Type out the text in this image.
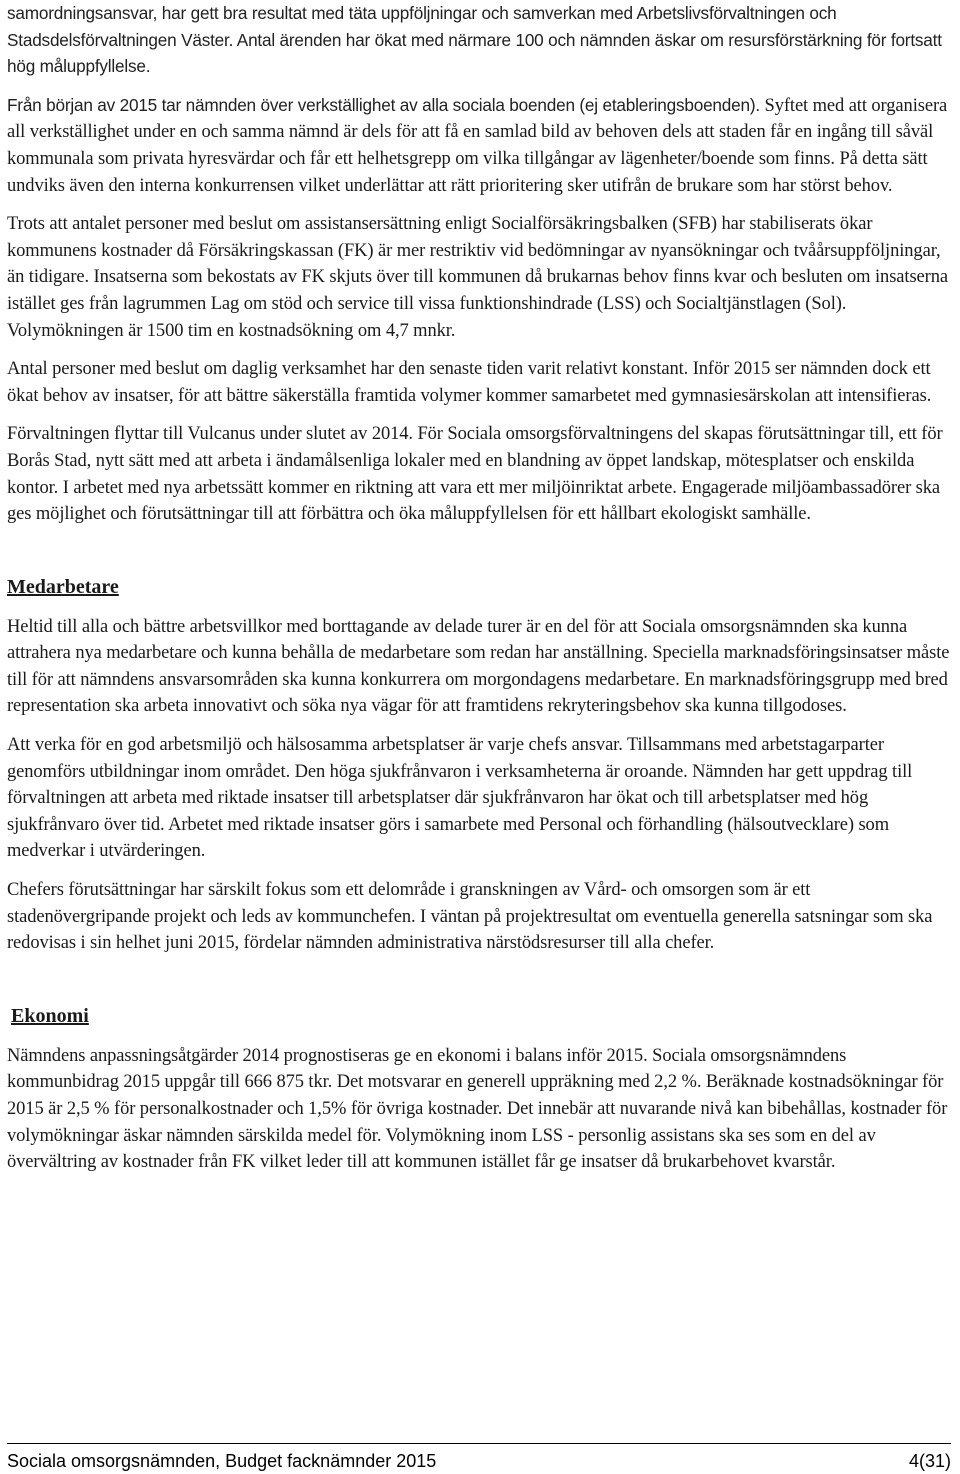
samordningsansvar, har gett bra resultat med täta uppföljningar och samverkan med Arbetslivsförvaltningen och Stadsdelsförvaltningen Väster. Antal ärenden har ökat med närmare 100 och nämnden äskar om resursförstärkning för fortsatt hög måluppfyllelse.

Från början av 2015 tar nämnden över verkställighet av alla sociala boenden (ej etableringsboenden). Syftet med att organisera all verkställighet under en och samma nämnd är dels för att få en samlad bild av behoven dels att staden får en ingång till såväl kommunala som privata hyresvärdar och får ett helhetsgrepp om vilka tillgångar av lägenheter/boende som finns. På detta sätt undviks även den interna konkurrensen vilket underlättar att rätt prioritering sker utifrån de brukare som har störst behov.

Trots att antalet personer med beslut om assistansersättning enligt Socialförsäkringsbalken (SFB) har stabiliserats ökar kommunens kostnader då Försäkringskassan (FK) är mer restriktiv vid bedömningar av nyansökningar och tvåårsuppföljningar, än tidigare. Insatserna som bekostats av FK skjuts över till kommunen då brukarnas behov finns kvar och besluten om insatserna istället ges från lagrummen Lag om stöd och service till vissa funktionshindrade (LSS) och Socialtjänstlagen (Sol). Volymökningen är 1500 tim en kostnadsökning om 4,7 mnkr.

Antal personer med beslut om daglig verksamhet har den senaste tiden varit relativt konstant. Inför 2015 ser nämnden dock ett ökat behov av insatser, för att bättre säkerställa framtida volymer kommer samarbetet med gymnasiesärskolan att intensifieras.

Förvaltningen flyttar till Vulcanus under slutet av 2014. För Sociala omsorgsförvaltningens del skapas förutsättningar till, ett för Borås Stad, nytt sätt med att arbeta i ändamålsenliga lokaler med en blandning av öppet landskap, mötesplatser och enskilda kontor. I arbetet med nya arbetssätt kommer en riktning att vara ett mer miljöinriktat arbete. Engagerade miljöambassadörer ska ges möjlighet och förutsättningar till att förbättra och öka måluppfyllelsen för ett hållbart ekologiskt samhälle.

Medarbetare

Heltid till alla och bättre arbetsvillkor med borttagande av delade turer är en del för att Sociala omsorgsnämnden ska kunna attrahera nya medarbetare och kunna behålla de medarbetare som redan har anställning. Speciella marknadsföringsinsatser måste till för att nämndens ansvarsområden ska kunna konkurrera om morgondagens medarbetare. En marknadsföringsgrupp med bred representation ska arbeta innovativt och söka nya vägar för att framtidens rekryteringsbehov ska kunna tillgodoses.

Att verka för en god arbetsmiljö och hälsosamma arbetsplatser är varje chefs ansvar. Tillsammans med arbetstagarparter genomförs utbildningar inom området. Den höga sjukfrånvaron i verksamheterna är oroande. Nämnden har gett uppdrag till förvaltningen att arbeta med riktade insatser till arbetsplatser där sjukfrånvaron har ökat och till arbetsplatser med hög sjukfrånvaro över tid. Arbetet med riktade insatser görs i samarbete med Personal och förhandling (hälsoutvecklare) som medverkar i utvärderingen.

Chefers förutsättningar har särskilt fokus som ett delområde i granskningen av Vård- och omsorgen som är ett stadenövergripande projekt och leds av kommunchefen. I väntan på projektresultat om eventuella generella satsningar som ska redovisas i sin helhet juni 2015, fördelar nämnden administrativa närstödsresurser till alla chefer.

Ekonomi

Nämndens anpassningsåtgärder 2014 prognostiseras ge en ekonomi i balans inför 2015. Sociala omsorgsnämndens kommunbidrag 2015 uppgår till 666 875 tkr. Det motsvarar en generell uppräkning med 2,2 %. Beräknade kostnadsökningar för 2015 är 2,5 % för personalkostnader och 1,5% för övriga kostnader. Det innebär att nuvarande nivå kan bibehållas, kostnader för volymökningar äskar nämnden särskilda medel för. Volymökning inom LSS - personlig assistans ska ses som en del av övervältring av kostnader från FK vilket leder till att kommunen istället får ge insatser då brukarbehovet kvarstår.

Sociala omsorgsnämnden, Budget facknämnder 2015	4(31)
